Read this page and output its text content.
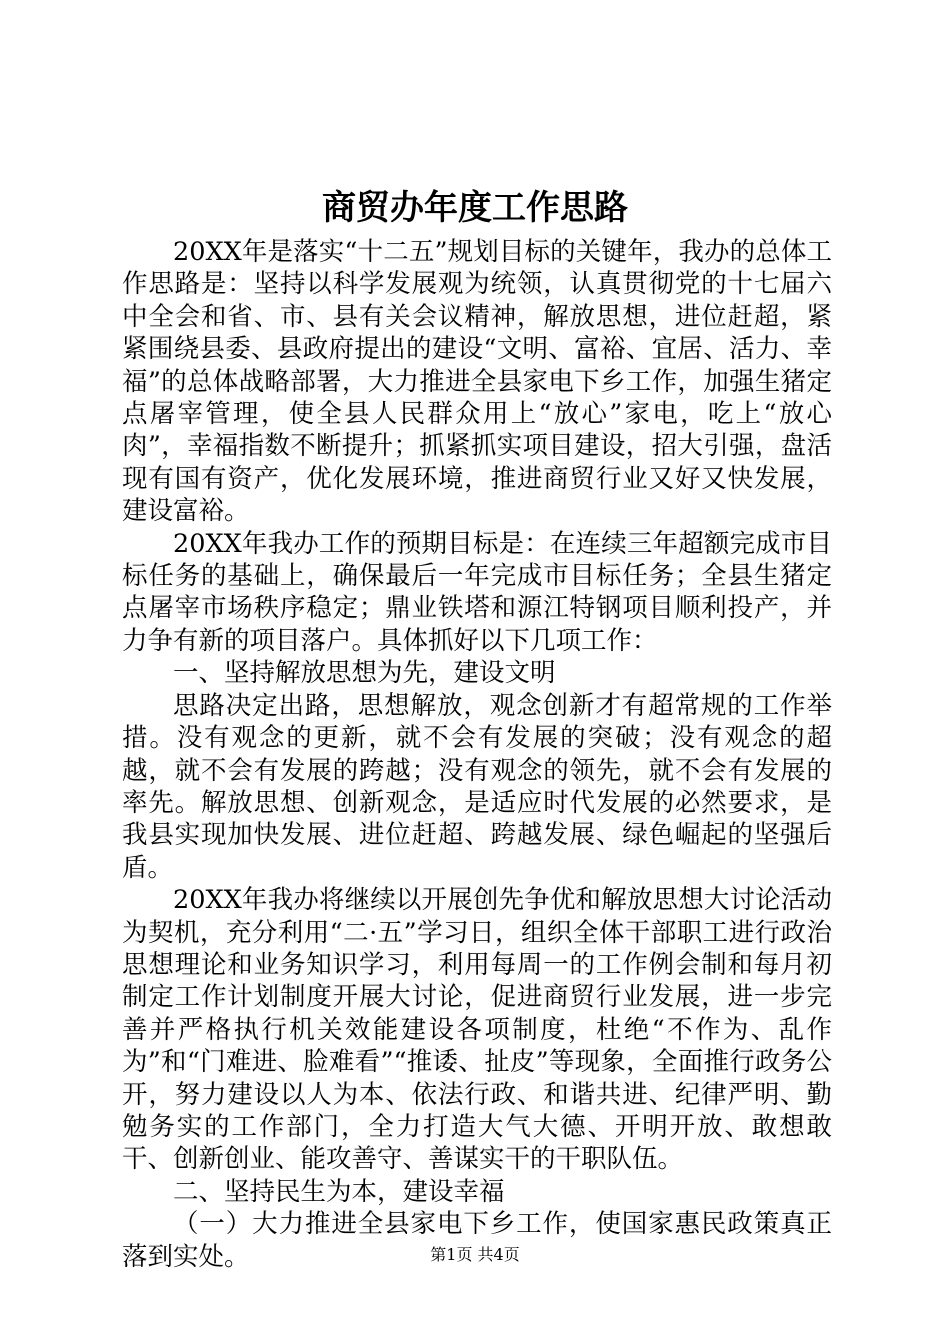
商贸办年度工作思路

20XX年是落实“十二五”规划目标的关键年，我办的总体工作思路是：坚持以科学发展观为统领，认真贯彻党的十七届六中全会和省、市、县有关会议精神，解放思想，进位赶超，紧紧围绕县委、县政府提出的建设“文明、富裕、宜居、活力、幸福”的总体战略部署，大力推进全县家电下乡工作，加强生猪定点屠宰管理，使全县人民群众用上“放心”家电，吃上“放心肉”，幸福指数不断提升；抓紧抓实项目建设，招大引强，盘活现有国有资产，优化发展环境，推进商贸行业又好又快发展，建设富裕。

20XX年我办工作的预期目标是：在连续三年超额完成市目标任务的基础上，确保最后一年完成市目标任务；全县生猪定点屠宰市场秩序稳定；鼎业铁塔和源江特钢项目顺利投产，并力争有新的项目落户。具体抓好以下几项工作：

一、坚持解放思想为先，建设文明

思路决定出路，思想解放，观念创新才有超常规的工作举措。没有观念的更新，就不会有发展的突破；没有观念的超越，就不会有发展的跨越；没有观念的领先，就不会有发展的率先。解放思想、创新观念，是适应时代发展的必然要求，是我县实现加快发展、进位赶超、跨越发展、绿色崛起的坚强后盾。

20XX年我办将继续以开展创先争优和解放思想大讨论活动为契机，充分利用“二·五”学习日，组织全体干部职工进行政治思想理论和业务知识学习，利用每周一的工作例会制和每月初制定工作计划制度开展大讨论，促进商贸行业发展，进一步完善并严格执行机关效能建设各项制度，杜绝“不作为、乱作为”和“门难进、脸难看”“推诿、扯皮”等现象，全面推行政务公开，努力建设以人为本、依法行政、和谐共进、纪律严明、勤勉务实的工作部门，全力打造大气大德、开明开放、敢想敢干、创新创业、能攻善守、善谋实干的干职队伍。

二、坚持民生为本，建设幸福

（一）大力推进全县家电下乡工作，使国家惠民政策真正落到实处。	第1页 共4页
